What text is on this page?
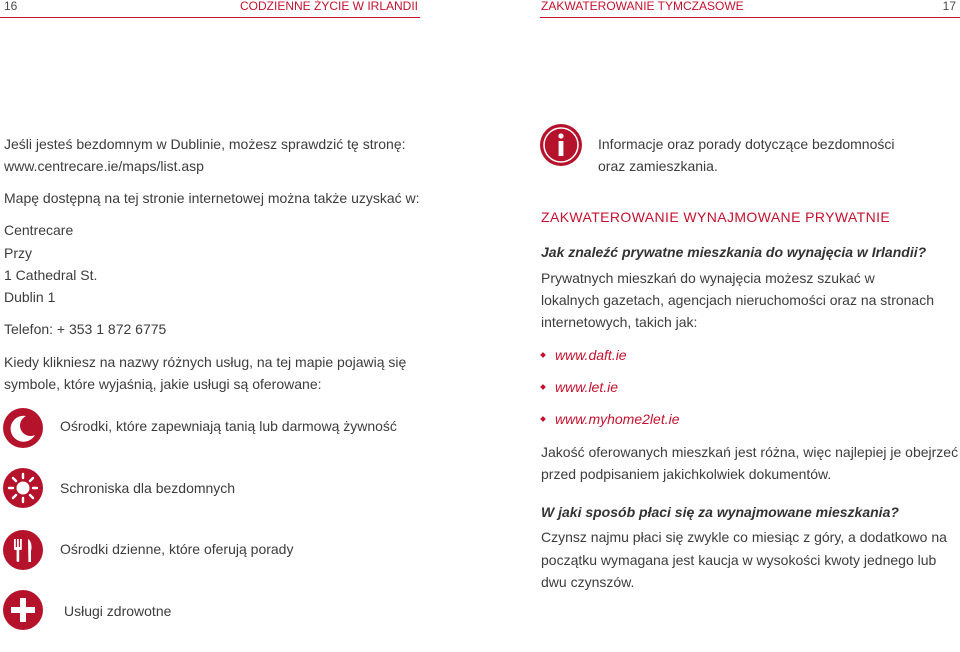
16	CODZIENNE ŻYCIE W IRLANDII	ZAKWATEROWANIE TYMCZASOWE	17
Jeśli jesteś bezdomnym w Dublinie, możesz sprawdzić tę stronę:
www.centrecare.ie/maps/list.asp
Mapę dostępną na tej stronie internetowej można także uzyskać w:
Centrecare
Przy
1 Cathedral St.
Dublin 1
Telefon: + 353 1 872 6775
Kiedy klikniesz na nazwy różnych usług, na tej mapie pojawią się
symbole, które wyjaśnią, jakie usługi są oferowane:
Ośrodki, które zapewniają tanią lub darmową żywność
Schroniska dla bezdomnych
Ośrodki dzienne, które oferują porady
Usługi zdrowotne
Informacje oraz porady dotyczące bezdomności
oraz zamieszkania.
ZAKWATEROWANIE WYNAJMOWANE PRYWATNIE
Jak znaleźć prywatne mieszkania do wynajęcia w Irlandii?
Prywatnych mieszkań do wynajęcia możesz szukać w
lokalnych gazetach, agencjach nieruchomości oraz na stronach
internetowych, takich jak:
www.daft.ie
www.let.ie
www.myhome2let.ie
Jakość oferowanych mieszkań jest różna, więc najlepiej je obejrzeć
przed podpisaniem jakichkolwiek dokumentów.
W jaki sposób płaci się za wynajmowane mieszkania?
Czynsz najmu płaci się zwykle co miesiąc z góry, a dodatkowo na
początku wymagana jest kaucja w wysokości kwoty jednego lub
dwu czynszów.
